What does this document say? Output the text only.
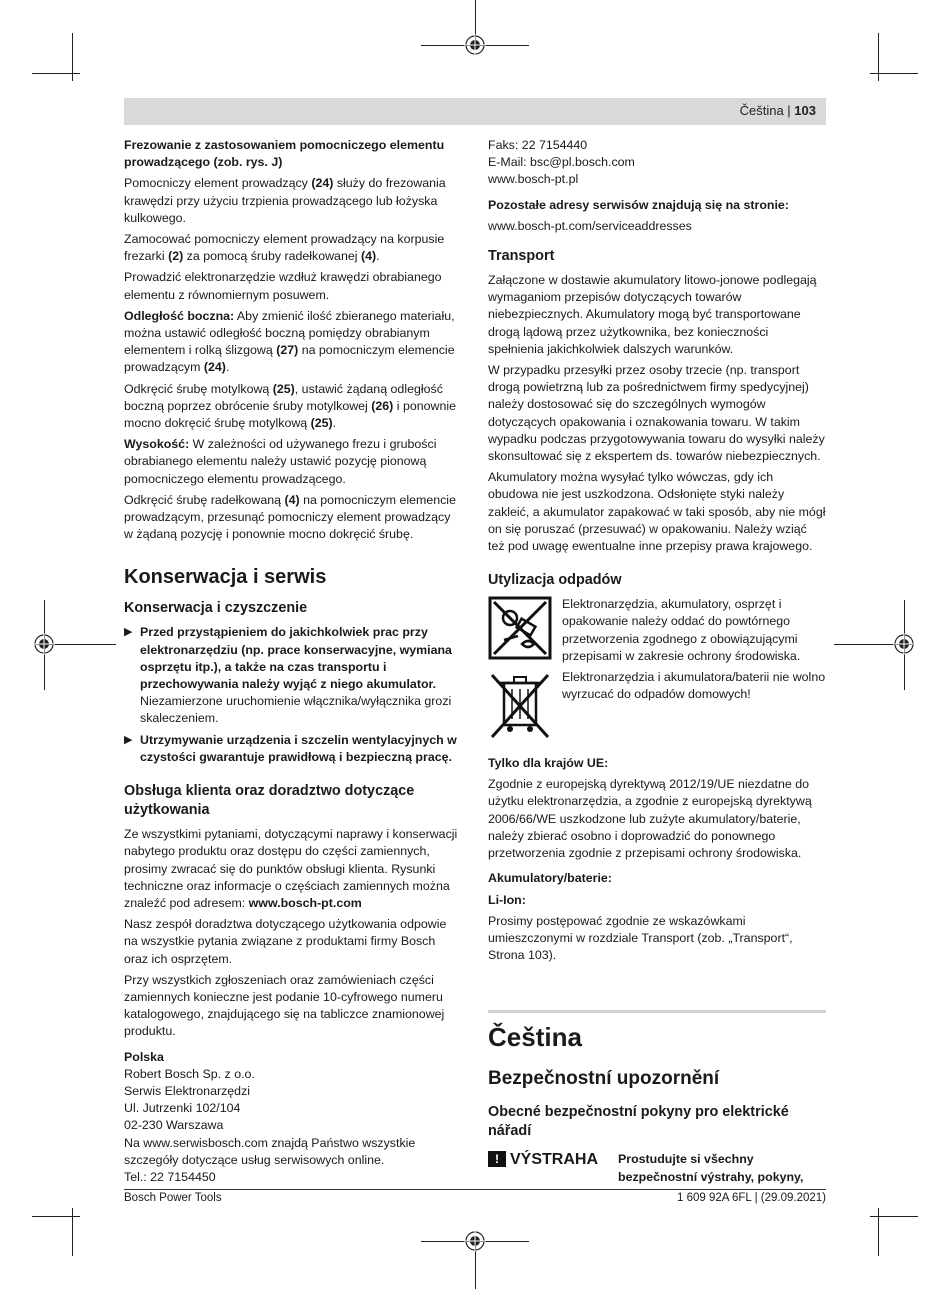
Čeština | 103

Frezowanie z zastosowaniem pomocniczego elementu prowadzącego (zob. rys. J)

Pomocniczy element prowadzący (24) służy do frezowania krawędzi przy użyciu trzpienia prowadzącego lub łożyska kulkowego.

Zamocować pomocniczy element prowadzący na korpusie frezarki (2) za pomocą śruby radełkowanej (4).

Prowadzić elektronarzędzie wzdłuż krawędzi obrabianego elementu z równomiernym posuwem.

Odległość boczna: Aby zmienić ilość zbieranego materiału, można ustawić odległość boczną pomiędzy obrabianym elementem i rolką ślizgową (27) na pomocniczym elemencie prowadzącym (24).

Odkręcić śrubę motylkową (25), ustawić żądaną odległość boczną poprzez obrócenie śruby motylkowej (26) i ponownie mocno dokręcić śrubę motylkową (25).

Wysokość: W zależności od używanego frezu i grubości obrabianego elementu należy ustawić pozycję pionową pomocniczego elementu prowadzącego.

Odkręcić śrubę radełkowaną (4) na pomocniczym elemencie prowadzącym, przesunąć pomocniczy element prowadzący w żądaną pozycję i ponownie mocno dokręcić śrubę.

Konserwacja i serwis
Konserwacja i czyszczenie
▶ Przed przystąpieniem do jakichkolwiek prac przy elektronarzędziu (np. prace konserwacyjne, wymiana osprzętu itp.), a także na czas transportu i przechowywania należy wyjąć z niego akumulator. Niezamierzone uruchomienie włącznika/wyłącznika grozi skaleczeniem.
▶ Utrzymywanie urządzenia i szczelin wentylacyjnych w czystości gwarantuje prawidłową i bezpieczną pracę.
Obsługa klienta oraz doradztwo dotyczące użytkowania

Ze wszystkimi pytaniami, dotyczącymi naprawy i konserwacji nabytego produktu oraz dostępu do części zamiennych, prosimy zwracać się do punktów obsługi klienta. Rysunki techniczne oraz informacje o częściach zamiennych można znaleźć pod adresem: www.bosch-pt.com

Nasz zespół doradztwa dotyczącego użytkowania odpowie na wszystkie pytania związane z produktami firmy Bosch oraz ich osprzętem.

Przy wszystkich zgłoszeniach oraz zamówieniach części zamiennych konieczne jest podanie 10-cyfrowego numeru katalogowego, znajdującego się na tabliczce znamionowej produktu.

Polska

Robert Bosch Sp. z o.o.
Serwis Elektronarzędzi
Ul. Jutrzenki 102/104
02-230 Warszawa
Na www.serwisbosch.com znajdą Państwo wszystkie szczegóły dotyczące usług serwisowych online.
Tel.: 22 7154450
Faks: 22 7154440
E-Mail: bsc@pl.bosch.com
www.bosch-pt.pl

Pozostałe adresy serwisów znajdują się na stronie:

www.bosch-pt.com/serviceaddresses

Transport

Załączone w dostawie akumulatory litowo-jonowe podlegają wymaganiom przepisów dotyczących towarów niebezpiecznych. Akumulatory mogą być transportowane drogą lądową przez użytkownika, bez konieczności spełnienia jakichkolwiek dalszych warunków.

W przypadku przesyłki przez osoby trzecie (np. transport drogą powietrzną lub za pośrednictwem firmy spedycyjnej) należy dostosować się do szczególnych wymogów dotyczących opakowania i oznakowania towaru. W takim wypadku podczas przygotowywania towaru do wysyłki należy skonsultować się z ekspertem ds. towarów niebezpiecznych.

Akumulatory można wysyłać tylko wówczas, gdy ich obudowa nie jest uszkodzona. Odsłonięte styki należy zakleić, a akumulator zapakować w taki sposób, aby nie mógł on się poruszać (przesuwać) w opakowaniu. Należy wziąć też pod uwagę ewentualne inne przepisy prawa krajowego.

Utylizacja odpadów

Elektronarzędzia, akumulatory, osprzęt i opakowanie należy oddać do powtórnego przetworzenia zgodnego z obowiązującymi przepisami w zakresie ochrony środowiska.

Elektronarzędzia i akumulatora/baterii nie wolno wyrzucać do odpadów domowych!

Tylko dla krajów UE:

Zgodnie z europejską dyrektywą 2012/19/UE niezdatne do użytku elektronarzędzia, a zgodnie z europejską dyrektywą 2006/66/WE uszkodzone lub zużyte akumulatory/baterie, należy zbierać osobno i doprowadzić do ponownego przetworzenia zgodnie z przepisami ochrony środowiska.

Akumulatory/baterie:

Li-Ion:

Prosimy postępować zgodnie ze wskazówkami umieszczonymi w rozdziale Transport (zob. „Transport“, Strona 103).

Čeština
Bezpečnostní upozornění
Obecné bezpečnostní pokyny pro elektrické nářadí
! VÝSTRAHA Prostudujte si všechny bezpečnostní výstrahy, pokyny,
Bosch Power Tools	1 609 92A 6FL | (29.09.2021)
